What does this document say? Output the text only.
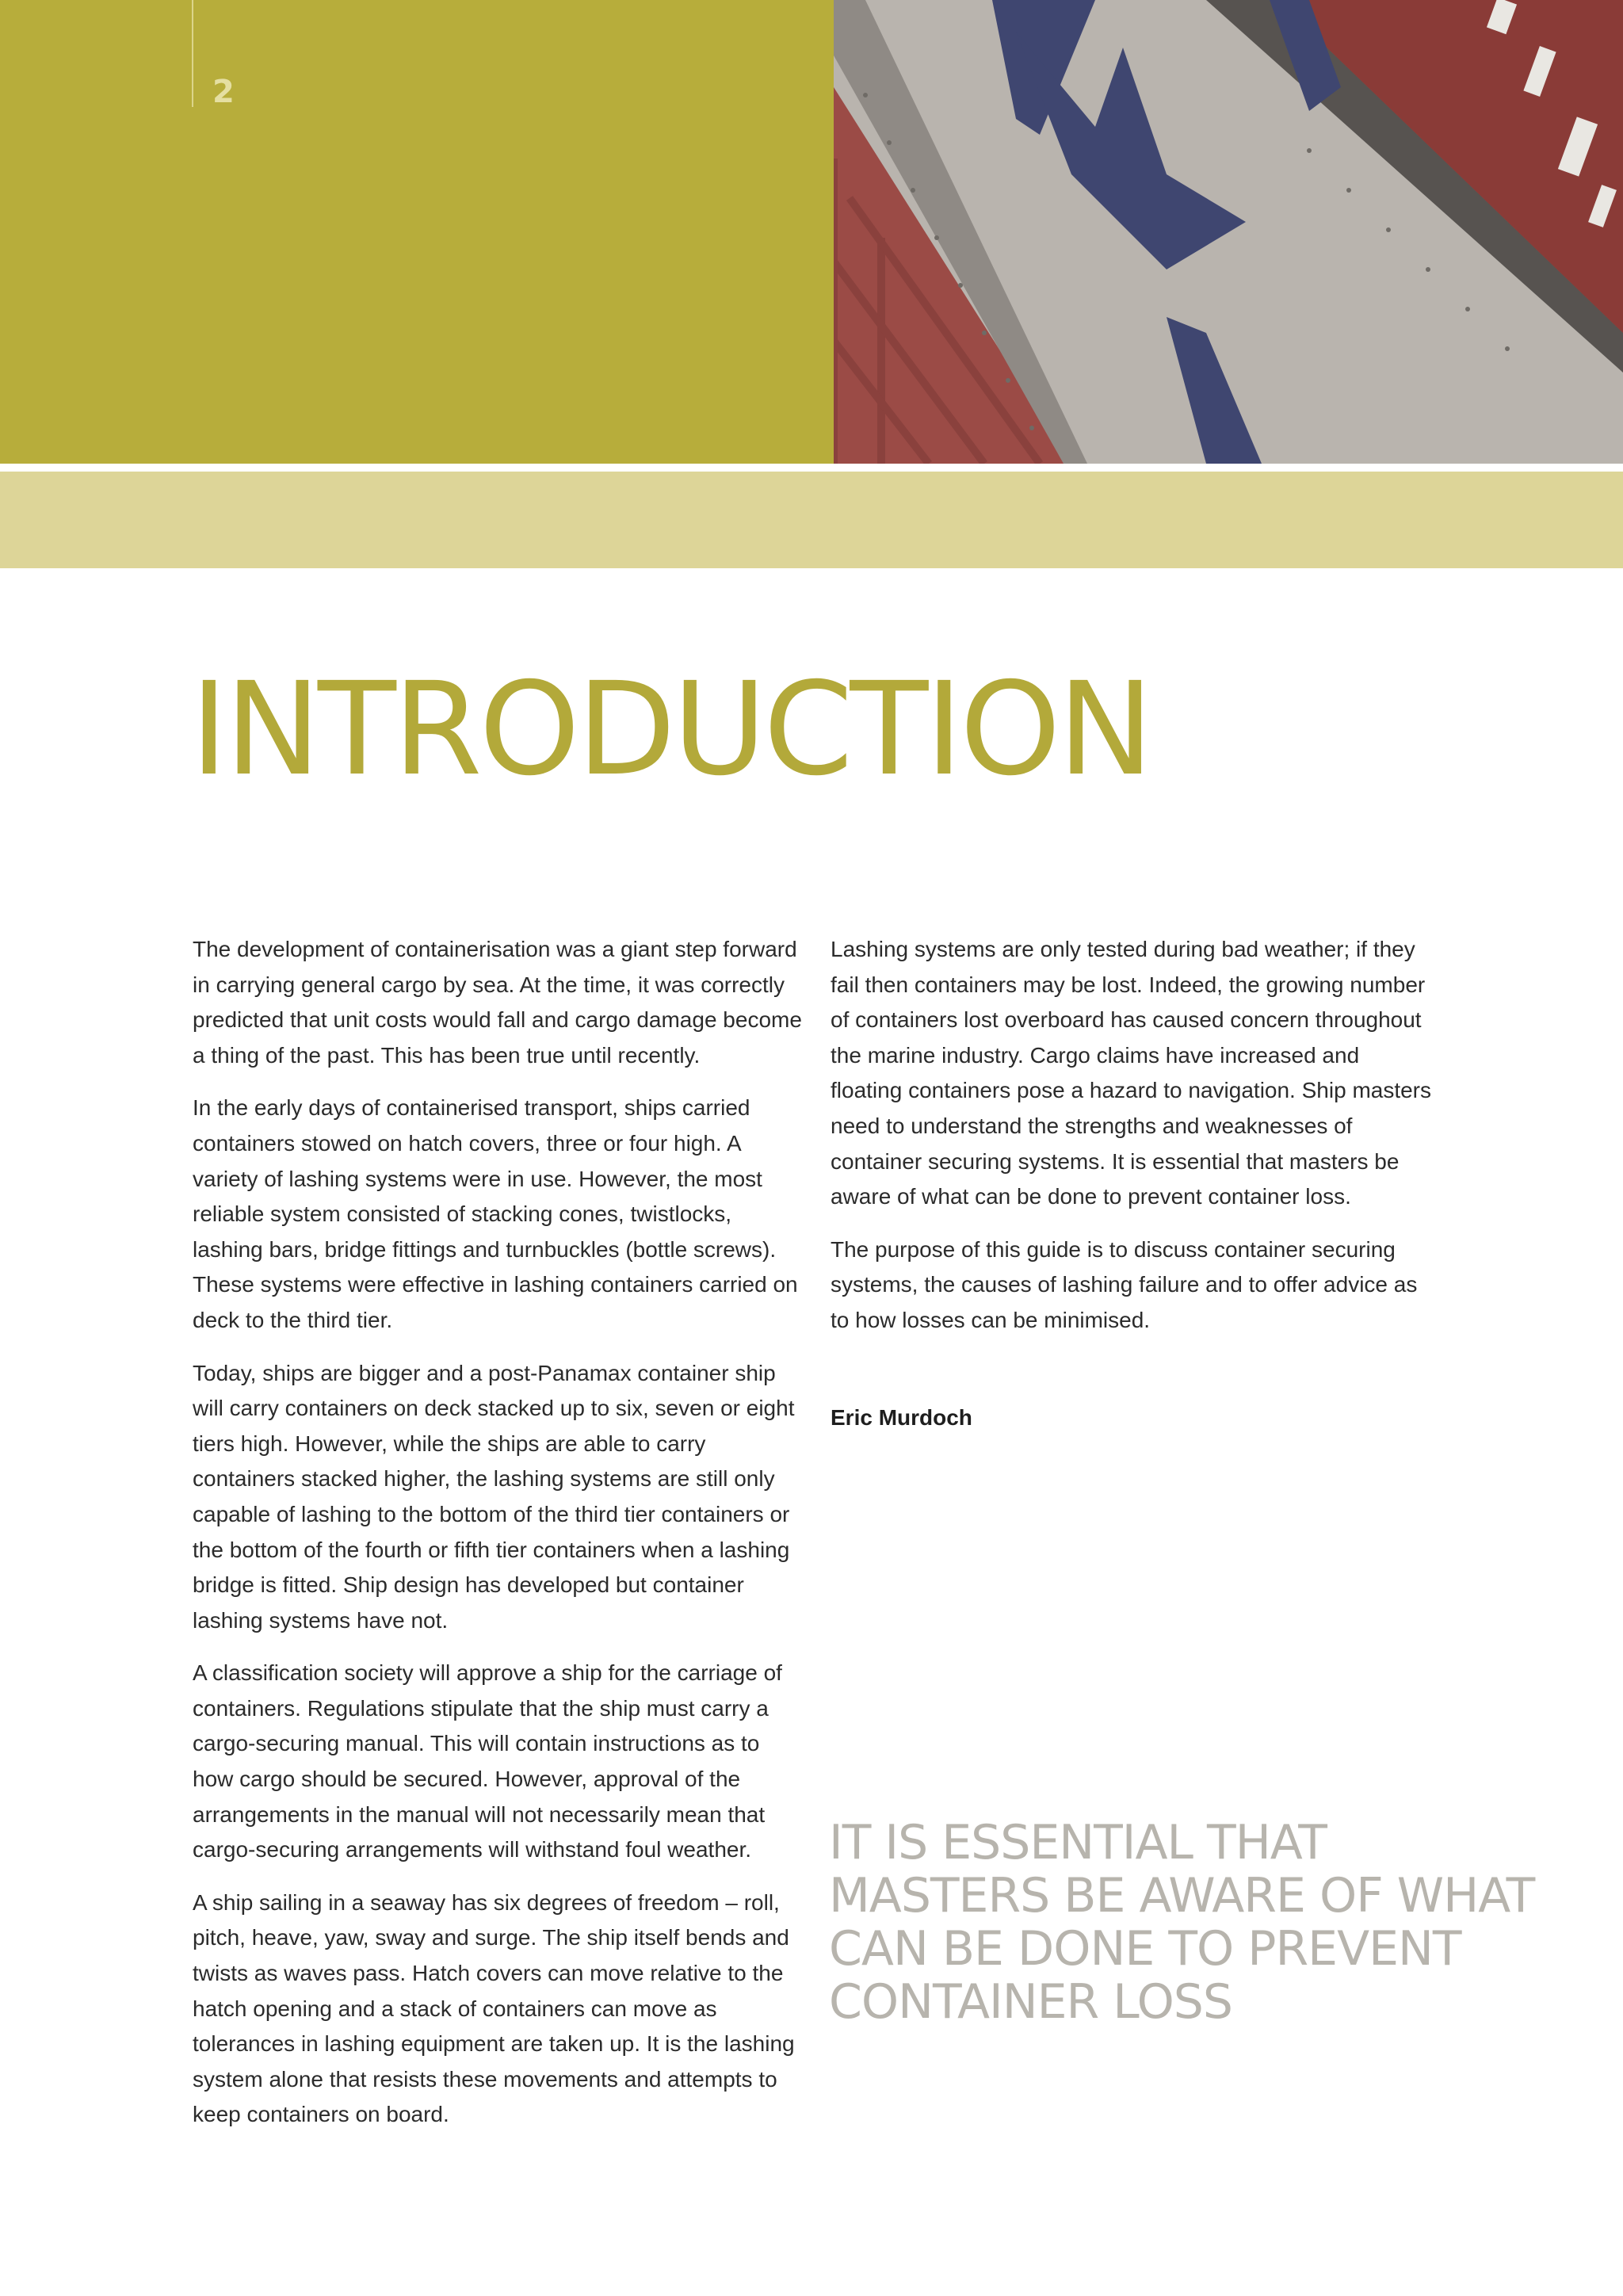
2
INTRODUCTION

The development of containerisation was a giant step forward in carrying general cargo by sea. At the time, it was correctly predicted that unit costs would fall and cargo damage become a thing of the past. This has been true until recently.

In the early days of containerised transport, ships carried containers stowed on hatch covers, three or four high. A variety of lashing systems were in use. However, the most reliable system consisted of stacking cones, twistlocks, lashing bars, bridge fittings and turnbuckles (bottle screws). These systems were effective in lashing containers carried on deck to the third tier.

Today, ships are bigger and a post-Panamax container ship will carry containers on deck stacked up to six, seven or eight tiers high. However, while the ships are able to carry containers stacked higher, the lashing systems are still only capable of lashing to the bottom of the third tier containers or the bottom of the fourth or fifth tier containers when a lashing bridge is fitted. Ship design has developed but container lashing systems have not.

A classification society will approve a ship for the carriage of containers. Regulations stipulate that the ship must carry a cargo-securing manual. This will contain instructions as to how cargo should be secured. However, approval of the arrangements in the manual will not necessarily mean that cargo-securing arrangements will withstand foul weather.

A ship sailing in a seaway has six degrees of freedom – roll, pitch, heave, yaw, sway and surge. The ship itself bends and twists as waves pass. Hatch covers can move relative to the hatch opening and a stack of containers can move as tolerances in lashing equipment are taken up. It is the lashing system alone that resists these movements and attempts to keep containers on board.

Lashing systems are only tested during bad weather; if they fail then containers may be lost. Indeed, the growing number of containers lost overboard has caused concern throughout the marine industry. Cargo claims have increased and floating containers pose a hazard to navigation. Ship masters need to understand the strengths and weaknesses of container securing systems. It is essential that masters be aware of what can be done to prevent container loss.

The purpose of this guide is to discuss container securing systems, the causes of lashing failure and to offer advice as to how losses can be minimised.

Eric Murdoch

IT IS ESSENTIAL THAT MASTERS BE AWARE OF WHAT CAN BE DONE TO PREVENT CONTAINER LOSS
